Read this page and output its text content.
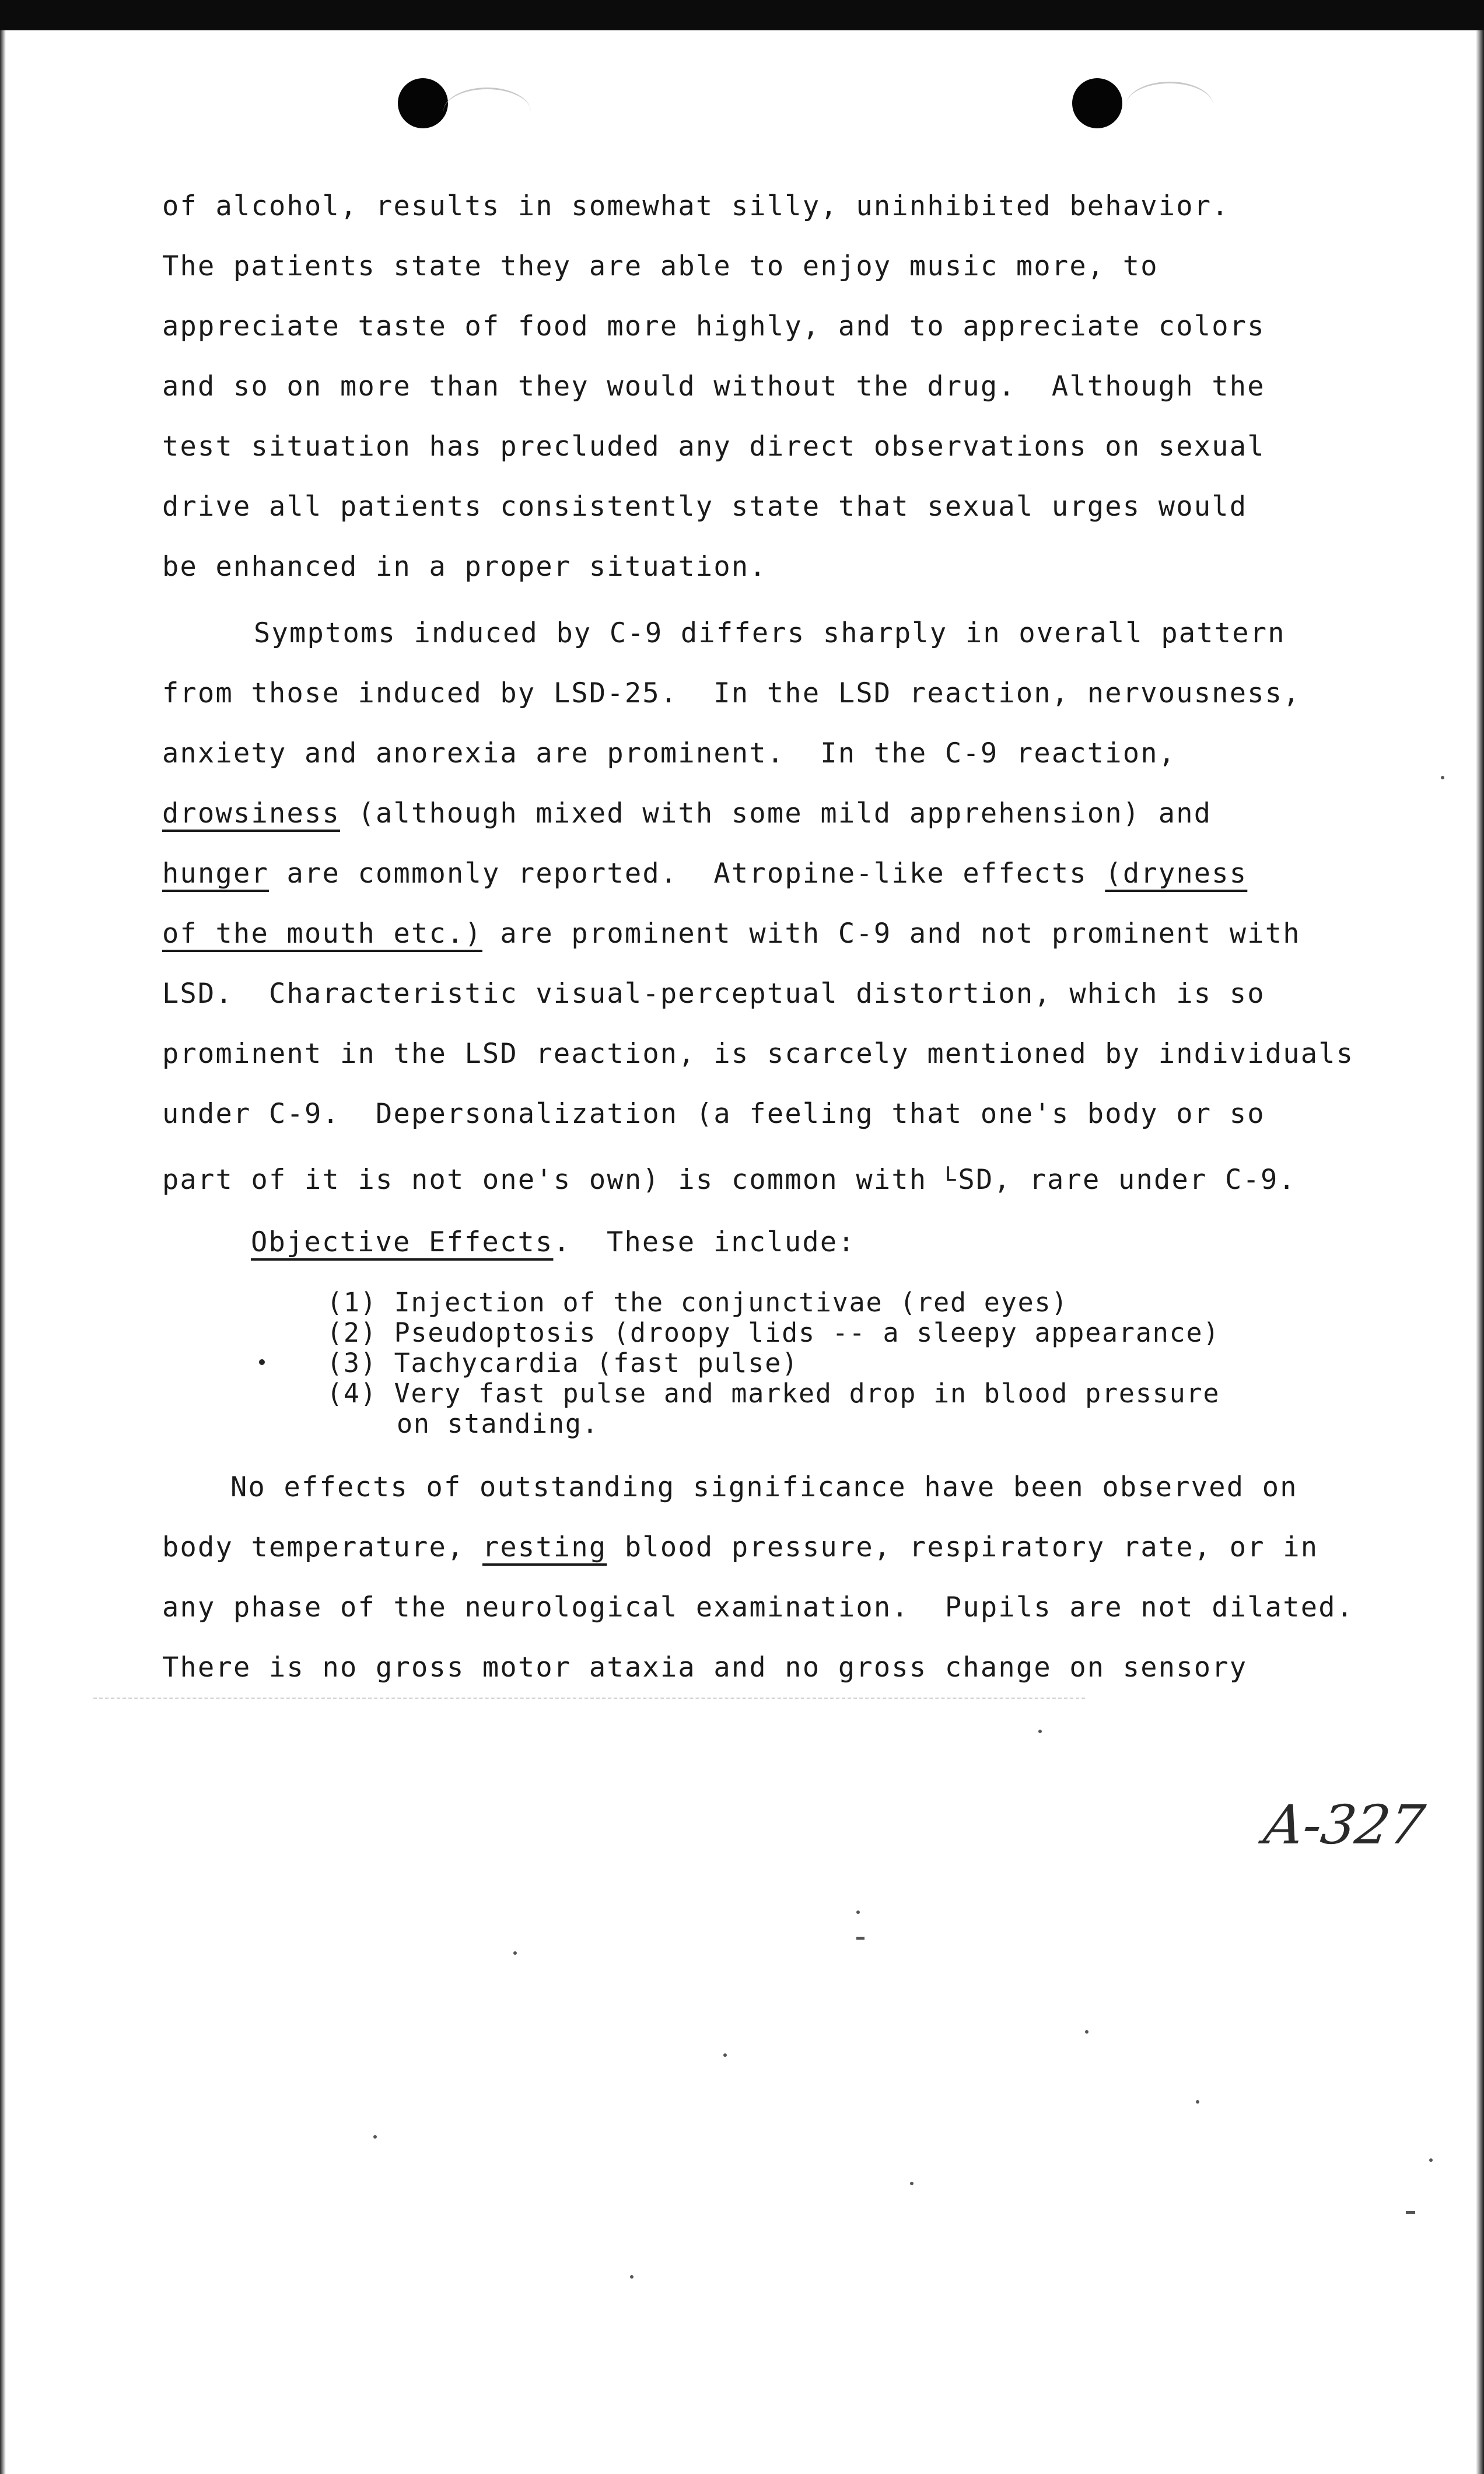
of alcohol, results in somewhat silly, uninhibited behavior.

The patients state they are able to enjoy music more, to

appreciate taste of food more highly, and to appreciate colors

and so on more than they would without the drug.  Although the

test situation has precluded any direct observations on sexual

drive all patients consistently state that sexual urges would

be enhanced in a proper situation.

Symptoms induced by C-9 differs sharply in overall pattern

from those induced by LSD-25.  In the LSD reaction, nervousness,

anxiety and anorexia are prominent.  In the C-9 reaction,

drowsiness (although mixed with some mild apprehension) and

hunger are commonly reported.  Atropine-like effects (dryness

of the mouth etc.) are prominent with C-9 and not prominent with

LSD.  Characteristic visual-perceptual distortion, which is so

prominent in the LSD reaction, is scarcely mentioned by individuals

under C-9.  Depersonalization (a feeling that one's body or so

part of it is not one's own) is common with $^L$SD, rare under C-9.

Objective Effects.  These include:

(1) Injection of the conjunctivae (red eyes)

(2) Pseudoptosis (droopy lids -- a sleepy appearance)

(3) Tachycardia (fast pulse)

(4) Very fast pulse and marked drop in blood pressure

on standing.

No effects of outstanding significance have been observed on

body temperature, resting blood pressure, respiratory rate, or in

any phase of the neurological examination.  Pupils are not dilated.

There is no gross motor ataxia and no gross change on sensory

A-327
